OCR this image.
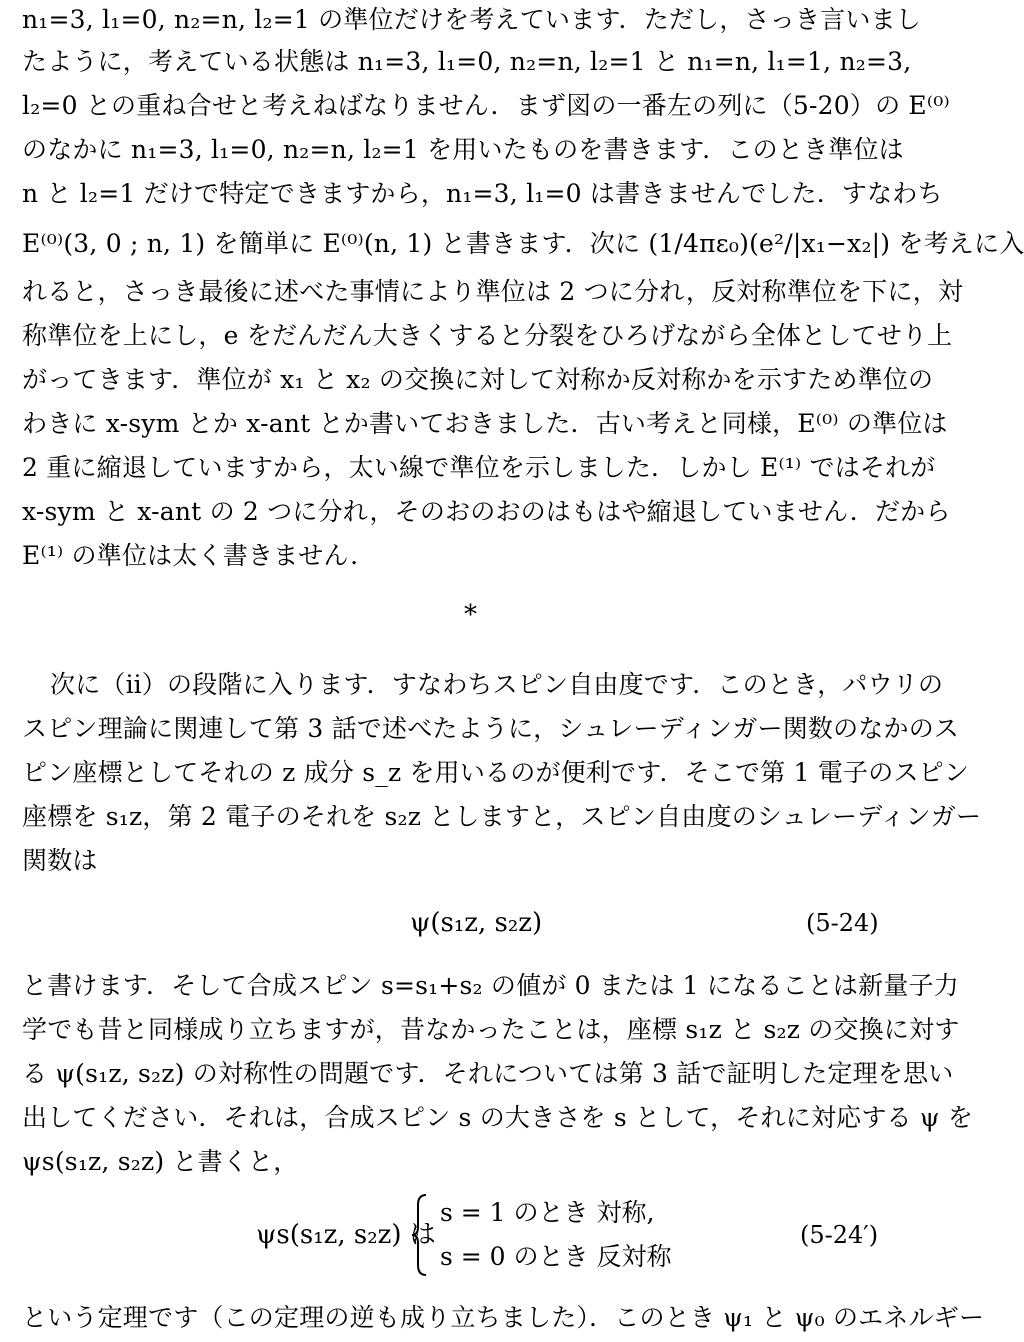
n₁=3, l₁=0, n₂=n, l₂=1 の準位だけを考えています．ただし，さっき言いまし
たように，考えている状態は n₁=3, l₁=0, n₂=n, l₂=1 と n₁=n, l₁=1, n₂=3,
l₂=0 との重ね合せと考えねばなりません．まず図の一番左の列に（5-20）の E⁽⁰⁾
のなかに n₁=3, l₁=0, n₂=n, l₂=1 を用いたものを書きます．このとき準位は
n と l₂=1 だけで特定できますから，n₁=3, l₁=0 は書きませんでした．すなわち
E⁽⁰⁾(3, 0 ; n, 1) を簡単に E⁽⁰⁾(n, 1) と書きます．次に (1/4πε₀)(e²/|x₁−x₂|) を考えに入
れると，さっき最後に述べた事情により準位は 2 つに分れ，反対称準位を下に，対
称準位を上にし，e をだんだん大きくすると分裂をひろげながら全体としてせり上
がってきます．準位が x₁ と x₂ の交換に対して対称か反対称かを示すため準位の
わきに x-sym とか x-ant とか書いておきました．古い考えと同様，E⁽⁰⁾ の準位は
2 重に縮退していますから，太い線で準位を示しました．しかし E⁽¹⁾ ではそれが
x-sym と x-ant の 2 つに分れ，そのおのおのはもはや縮退していません．だから
E⁽¹⁾ の準位は太く書きません．
*
次に（ⅱ）の段階に入ります．すなわちスピン自由度です．このとき，パウリの
スピン理論に関連して第 3 話で述べたように，シュレーディンガー関数のなかのス
ピン座標としてそれの z 成分 s_z を用いるのが便利です．そこで第 1 電子のスピン
座標を s₁z，第 2 電子のそれを s₂z としますと，スピン自由度のシュレーディンガー
関数は
ψ(s₁z, s₂z)	(5-24)
と書けます．そして合成スピン s=s₁+s₂ の値が 0 または 1 になることは新量子力
学でも昔と同様成り立ちますが，昔なかったことは，座標 s₁z と s₂z の交換に対す
る ψ(s₁z, s₂z) の対称性の問題です．それについては第 3 話で証明した定理を思い
出してください．それは，合成スピン s の大きさを s として，それに対応する ψ を
ψs(s₁z, s₂z) と書くと，
ψs(s₁z, s₂z) は
s = 1 のとき 対称,
s = 0 のとき 反対称
(5-24′)
という定理です（この定理の逆も成り立ちました）．このとき ψ₁ と ψ₀ のエネルギー
